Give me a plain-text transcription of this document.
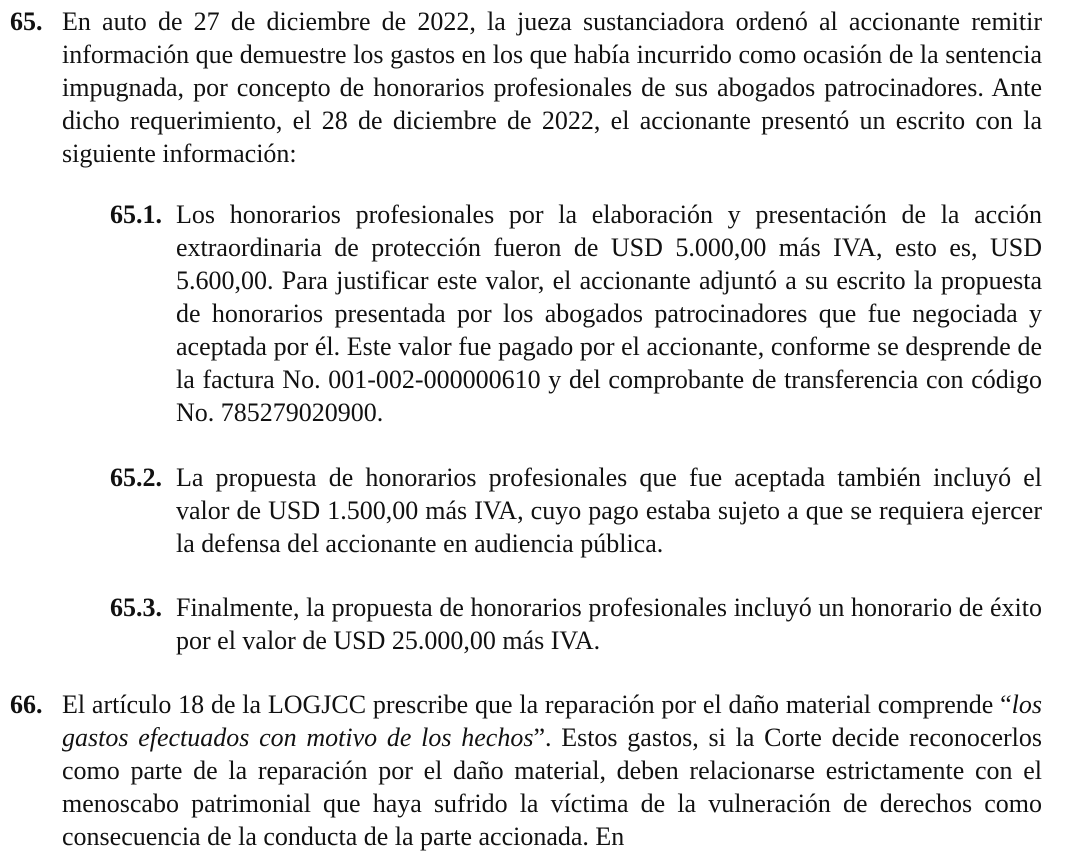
65. En auto de 27 de diciembre de 2022, la jueza sustanciadora ordenó al accionante remitir información que demuestre los gastos en los que había incurrido como ocasión de la sentencia impugnada, por concepto de honorarios profesionales de sus abogados patrocinadores. Ante dicho requerimiento, el 28 de diciembre de 2022, el accionante presentó un escrito con la siguiente información:
65.1. Los honorarios profesionales por la elaboración y presentación de la acción extraordinaria de protección fueron de USD 5.000,00 más IVA, esto es, USD 5.600,00. Para justificar este valor, el accionante adjuntó a su escrito la propuesta de honorarios presentada por los abogados patrocinadores que fue negociada y aceptada por él. Este valor fue pagado por el accionante, conforme se desprende de la factura No. 001-002-000000610 y del comprobante de transferencia con código No. 785279020900.
65.2. La propuesta de honorarios profesionales que fue aceptada también incluyó el valor de USD 1.500,00 más IVA, cuyo pago estaba sujeto a que se requiera ejercer la defensa del accionante en audiencia pública.
65.3. Finalmente, la propuesta de honorarios profesionales incluyó un honorario de éxito por el valor de USD 25.000,00 más IVA.
66. El artículo 18 de la LOGJCC prescribe que la reparación por el daño material comprende “los gastos efectuados con motivo de los hechos”. Estos gastos, si la Corte decide reconocerlos como parte de la reparación por el daño material, deben relacionarse estrictamente con el menoscabo patrimonial que haya sufrido la víctima de la vulneración de derechos como consecuencia de la conducta de la parte accionada. En
